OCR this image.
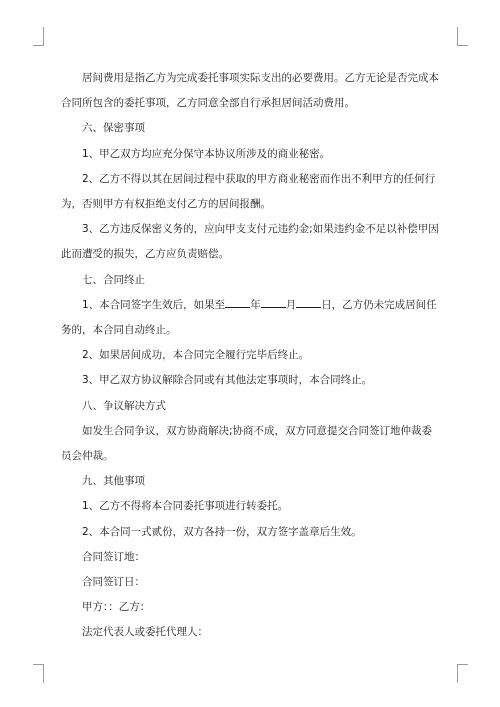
居间费用是指乙方为完成委托事项实际支出的必要费用。乙方无论是否完成本合同所包含的委托事项，乙方同意全部自行承担居间活动费用。

六、保密事项

1、甲乙双方均应充分保守本协议所涉及的商业秘密。

2、乙方不得以其在居间过程中获取的甲方商业秘密而作出不利甲方的任何行为，否则甲方有权拒绝支付乙方的居间报酬。

3、乙方违反保密义务的，应向甲支支付元违约金;如果违约金不足以补偿甲因此而遭受的损失，乙方应负责赔偿。

七、合同终止

1、本合同签字生效后，如果至 年 月 日，乙方仍未完成居间任务的，本合同自动终止。

2、如果居间成功，本合同完全履行完毕后终止。

3、甲乙双方协议解除合同或有其他法定事项时，本合同终止。

八、争议解决方式

如发生合同争议，双方协商解决;协商不成，双方同意提交合同签订地仲裁委员会仲裁。

九、其他事项

1、乙方不得将本合同委托事项进行转委托。

2、本合同一式贰份，双方各持一份，双方签字盖章后生效。

合同签订地：

合同签订日：

甲方：：乙方：

法定代表人或委托代理人：
